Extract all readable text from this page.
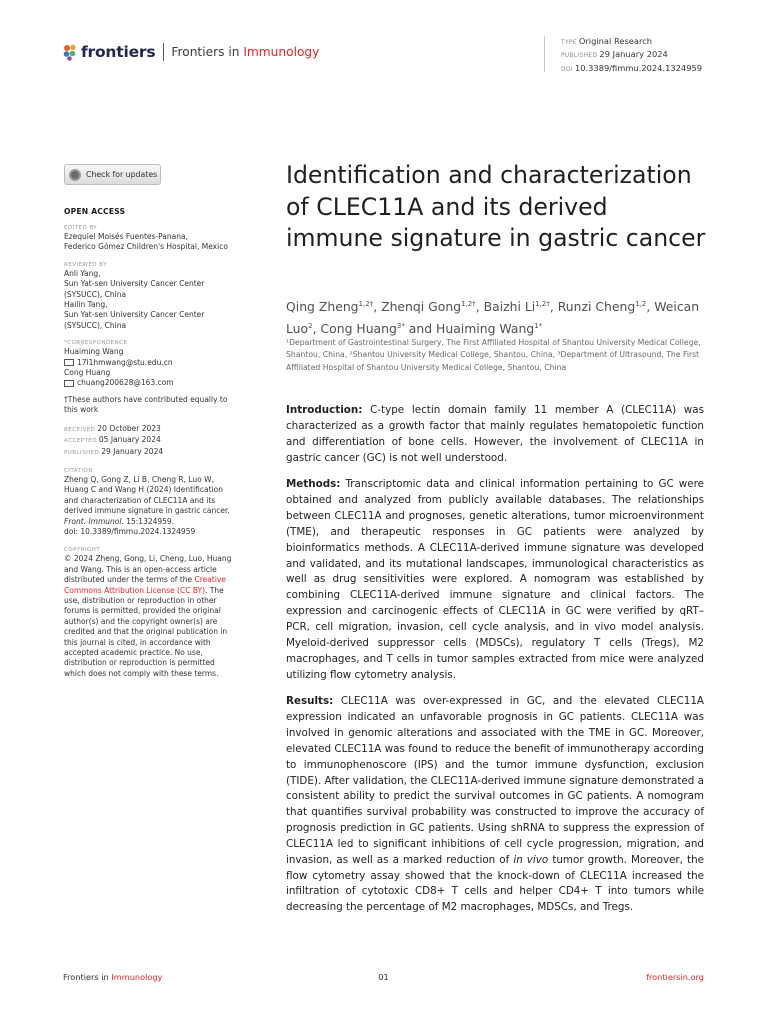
frontiers Frontiers in Immunology
TYPE Original Research
PUBLISHED 29 January 2024
DOI 10.3389/fimmu.2024.1324959
Check for updates
OPEN ACCESS
EDITED BY
Ezequiel Moisés Fuentes-Panana,
Federico Gómez Children's Hospital, Mexico
REVIEWED BY
Anli Yang,
Sun Yat-sen University Cancer Center
(SYSUCC), China
Hailin Tang,
Sun Yat-sen University Cancer Center
(SYSUCC), China
*CORRESPONDENCE
Huaiming Wang
17l1hmwang@stu.edu.cn
Cong Huang
chuang200628@163.com
†These authors have contributed equally to
this work
RECEIVED 20 October 2023
ACCEPTED 05 January 2024
PUBLISHED 29 January 2024
CITATION
Zheng Q, Gong Z, Li B, Cheng R, Luo W,
Huang C and Wang H (2024) Identification
and characterization of CLEC11A and its
derived immune signature in gastric cancer.
Front. Immunol. 15:1324959.
doi: 10.3389/fimmu.2024.1324959
COPYRIGHT
© 2024 Zheng, Gong, Li, Cheng, Luo, Huang
and Wang. This is an open-access article
distributed under the terms of the Creative
Commons Attribution License (CC BY). The
use, distribution or reproduction in other
forums is permitted, provided the original
author(s) and the copyright owner(s) are
credited and that the original publication in
this journal is cited, in accordance with
accepted academic practice. No use,
distribution or reproduction is permitted
which does not comply with these terms.
Identification and characterization of CLEC11A and its derived immune signature in gastric cancer
Qing Zheng$^{1,2\dagger}$, Zhenqi Gong$^{1,2\dagger}$, Baizhi $Li^{1,2\dagger}$, Runzi Cheng$^{1,2}$, Weican Luo$^2$, Cong Huang$^{3*}$ and Huaiming Wang$^{1*}$
¹Department of Gastrointestinal Surgery, The First Affiliated Hospital of Shantou University Medical College, Shantou, China, ²Shantou University Medical College, Shantou, China, ³Department of Ultrasound, The First Affiliated Hospital of Shantou University Medical College, Shantou, China

Introduction: C-type lectin domain family 11 member A (CLEC11A) was characterized as a growth factor that mainly regulates hematopoietic function and differentiation of bone cells. However, the involvement of CLEC11A in gastric cancer (GC) is not well understood.

Methods: Transcriptomic data and clinical information pertaining to GC were obtained and analyzed from publicly available databases. The relationships between CLEC11A and prognoses, genetic alterations, tumor microenvironment (TME), and therapeutic responses in GC patients were analyzed by bioinformatics methods. A CLEC11A-derived immune signature was developed and validated, and its mutational landscapes, immunological characteristics as well as drug sensitivities were explored. A nomogram was established by combining CLEC11A-derived immune signature and clinical factors. The expression and carcinogenic effects of CLEC11A in GC were verified by qRT–PCR, cell migration, invasion, cell cycle analysis, and in vivo model analysis. Myeloid-derived suppressor cells (MDSCs), regulatory T cells (Tregs), M2 macrophages, and T cells in tumor samples extracted from mice were analyzed utilizing flow cytometry analysis.

Results: CLEC11A was over-expressed in GC, and the elevated CLEC11A expression indicated an unfavorable prognosis in GC patients. CLEC11A was involved in genomic alterations and associated with the TME in GC. Moreover, elevated CLEC11A was found to reduce the benefit of immunotherapy according to immunophenoscore (IPS) and the tumor immune dysfunction, exclusion (TIDE). After validation, the CLEC11A-derived immune signature demonstrated a consistent ability to predict the survival outcomes in GC patients. A nomogram that quantifies survival probability was constructed to improve the accuracy of prognosis prediction in GC patients. Using shRNA to suppress the expression of CLEC11A led to significant inhibitions of cell cycle progression, migration, and invasion, as well as a marked reduction of in vivo tumor growth. Moreover, the flow cytometry assay showed that the knock-down of CLEC11A increased the infiltration of cytotoxic CD8+ T cells and helper CD4+ T into tumors while decreasing the percentage of M2 macrophages, MDSCs, and Tregs.

Frontiers in Immunology	01	frontiersin.org
